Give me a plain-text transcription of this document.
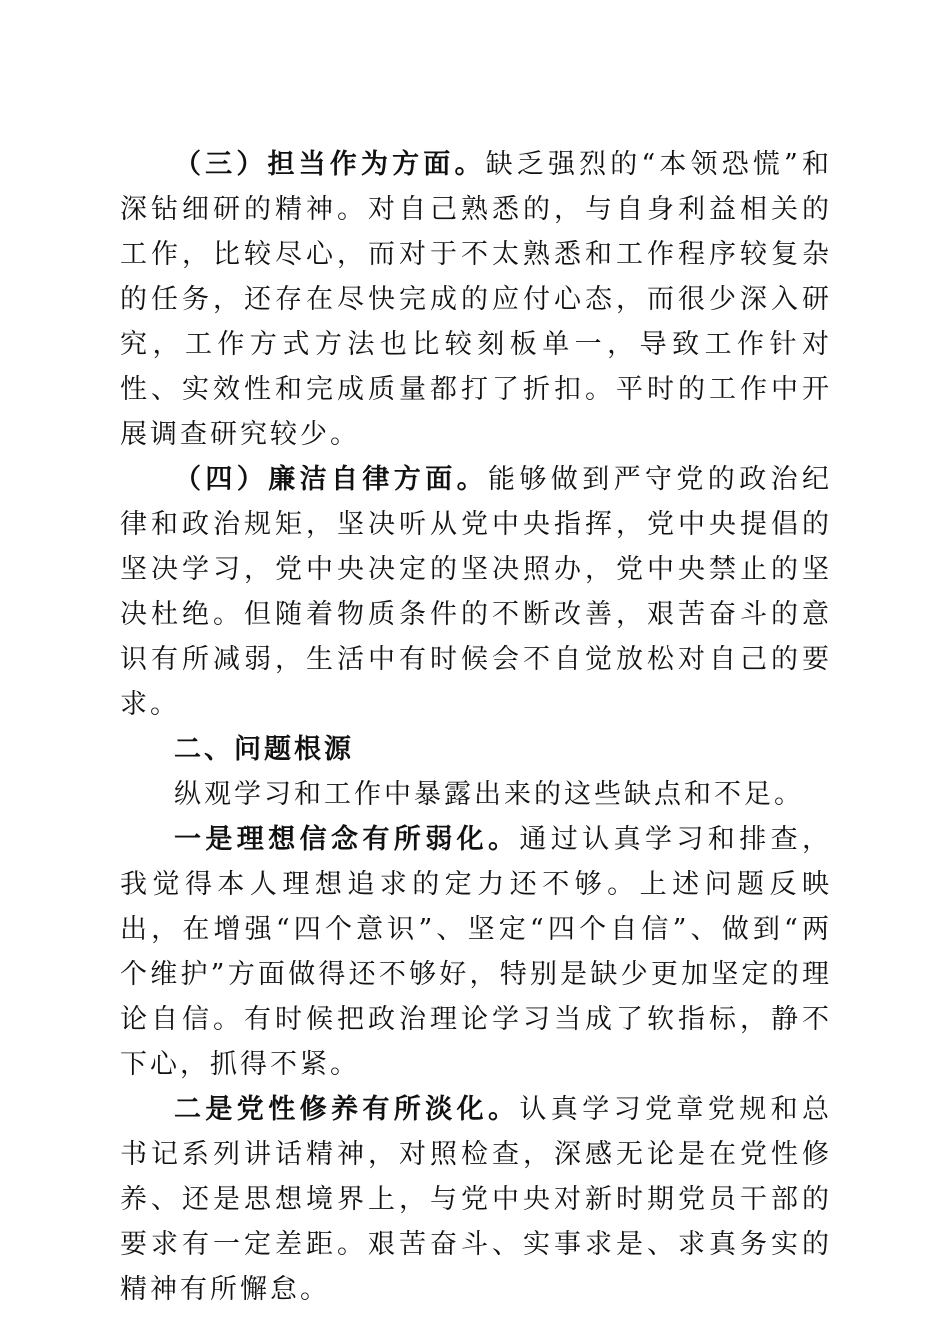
（三）担当作为方面。缺乏强烈的“本领恐慌”和深钻细研的精神。对自己熟悉的，与自身利益相关的工作，比较尽心，而对于不太熟悉和工作程序较复杂的任务，还存在尽快完成的应付心态，而很少深入研究，工作方式方法也比较刻板单一，导致工作针对性、实效性和完成质量都打了折扣。平时的工作中开展调查研究较少。

（四）廉洁自律方面。能够做到严守党的政治纪律和政治规矩，坚决听从党中央指挥，党中央提倡的坚决学习，党中央决定的坚决照办，党中央禁止的坚决杜绝。但随着物质条件的不断改善，艰苦奋斗的意识有所减弱，生活中有时候会不自觉放松对自己的要求。

二、问题根源

纵观学习和工作中暴露出来的这些缺点和不足。

一是理想信念有所弱化。通过认真学习和排查，我觉得本人理想追求的定力还不够。上述问题反映出，在增强“四个意识”、坚定“四个自信”、做到“两个维护”方面做得还不够好，特别是缺少更加坚定的理论自信。有时候把政治理论学习当成了软指标，静不下心，抓得不紧。

二是党性修养有所淡化。认真学习党章党规和总书记系列讲话精神，对照检查，深感无论是在党性修养、还是思想境界上，与党中央对新时期党员干部的要求有一定差距。艰苦奋斗、实事求是、求真务实的精神有所懈怠。
